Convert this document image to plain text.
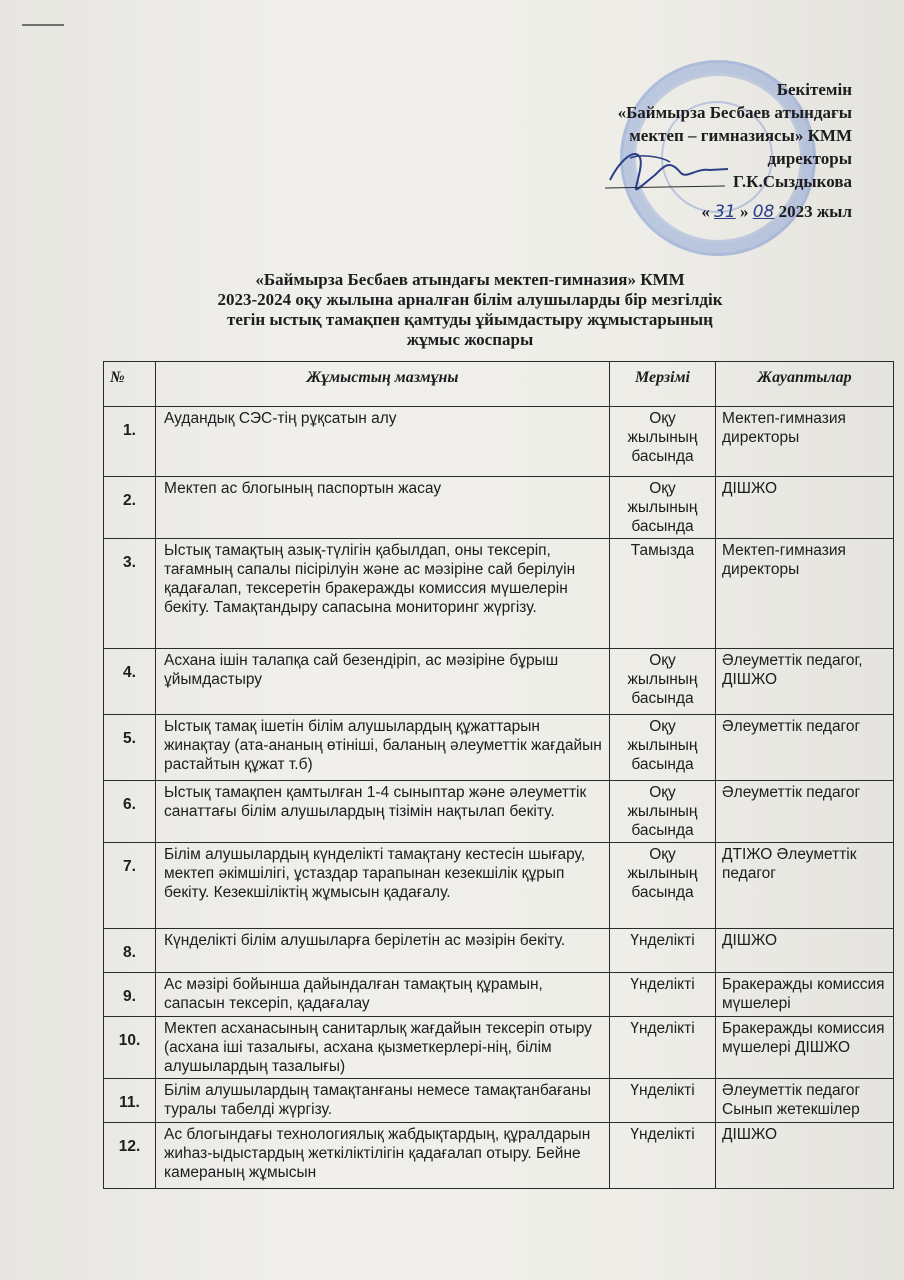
Бекітемін
«Баймырза Бесбаев атындағы
мектеп – гимназиясы» КММ
директоры
Г.К.Сыздыкова
« 31 » 08 2023 жыл
«Баймырза Бесбаев атындағы мектеп-гимназия» КММ
2023-2024 оқу жылына арналған білім алушыларды бір мезгілдік
тегін ыстық тамақпен қамтуды ұйымдастыру жұмыстарының
жұмыс жоспары
№	Жұмыстың мазмұны	Мерзімі	Жауаптылар
1.	Аудандық СЭС-тің рұқсатын алу	Оқу жылының басында	Мектеп-гимназия директоры
2.	Мектеп ас блогының паспортын жасау	Оқу жылының басында	ДІШЖО
3.	Ыстық тамақтың азық-түлігін қабылдап, оны тексеріп, тағамның сапалы пісірілуін және ас мәзіріне сай берілуін қадағалап, тексеретін бракеражды комиссия мүшелерін бекіту. Тамақтандыру сапасына мониторинг жүргізу.	Тамызда	Мектеп-гимназия директоры
4.	Асхана ішін талапқа сай безендіріп, ас мәзіріне бұрыш ұйымдастыру	Оқу жылының басында	Әлеуметтік педагог, ДІШЖО
5.	Ыстық тамақ ішетін білім алушылардың құжаттарын жинақтау (ата-ананың өтініші, баланың әлеуметтік жағдайын растайтын құжат т.б)	Оқу жылының басында	Әлеуметтік педагог
6.	Ыстық тамақпен қамтылған 1-4 сыныптар және әлеуметтік санаттағы білім алушылардың тізімін нақтылап бекіту.	Оқу жылының басында	Әлеуметтік педагог
7.	Білім алушылардың күнделікті тамақтану кестесін шығару, мектеп әкімшілігі, ұстаздар тарапынан кезекшілік құрып бекіту. Кезекшіліктің жұмысын қадағалу.	Оқу жылының басында	ДТІЖО Әлеуметтік педагог
8.	Күнделікті білім алушыларға берілетін ас мәзірін бекіту.	Үнделікті	ДІШЖО
9.	Ас мәзірі бойынша дайындалған тамақтың құрамын, сапасын тексеріп, қадағалау	Үнделікті	Бракеражды комиссия мүшелері
10.	Мектеп асханасының санитарлық жағдайын тексеріп отыру (асхана іші тазалығы, асхана қызметкерлері-нің, білім алушылардың тазалығы)	Үнделікті	Бракеражды комиссия мүшелері ДІШЖО
11.	Білім алушылардың тамақтанғаны немесе тамақтанбағаны туралы табелді жүргізу.	Үнделікті	Әлеуметтік педагог Сынып жетекшілер
12.	Ас блогындағы технологиялық жабдықтардың, құралдарын жиһаз-ыдыстардың жеткіліктілігін қадағалап отыру. Бейне камераның жұмысын	Үнделікті	ДІШЖО
